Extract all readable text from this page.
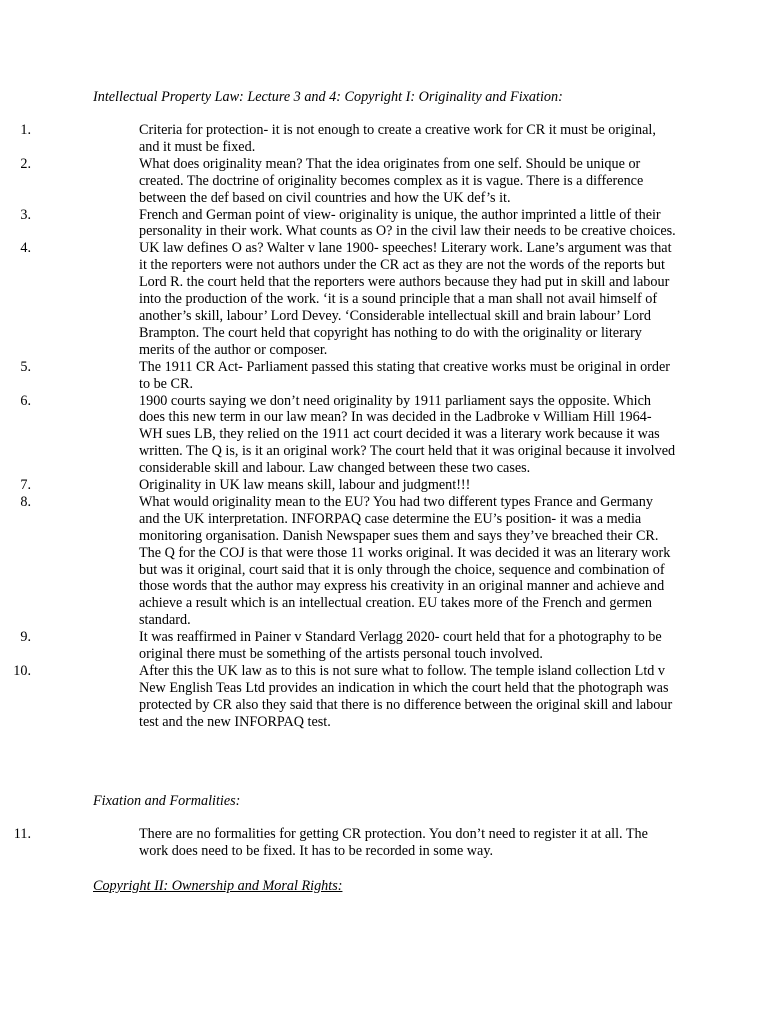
Intellectual Property Law: Lecture 3 and 4: Copyright I: Originality and Fixation:
1.	Criteria for protection- it is not enough to create a creative work for CR it must be original, and it must be fixed.
2.	What does originality mean? That the idea originates from one self. Should be unique or created. The doctrine of originality becomes complex as it is vague. There is a difference between the def based on civil countries and how the UK def’s it.
3.	French and German point of view- originality is unique, the author imprinted a little of their personality in their work. What counts as O? in the civil law their needs to be creative choices.
4.	UK law defines O as? Walter v lane 1900- speeches! Literary work. Lane’s argument was that it the reporters were not authors under the CR act as they are not the words of the reports but Lord R. the court held that the reporters were authors because they had put in skill and labour into the production of the work. ‘it is a sound principle that a man shall not avail himself of another’s skill, labour’ Lord Devey. ‘Considerable intellectual skill and brain labour’ Lord Brampton. The court held that copyright has nothing to do with the originality or literary merits of the author or composer.
5.	The 1911 CR Act- Parliament passed this stating that creative works must be original in order to be CR.
6.	1900 courts saying we don’t need originality by 1911 parliament says the opposite. Which does this new term in our law mean? In was decided in the Ladbroke v William Hill 1964- WH sues LB, they relied on the 1911 act court decided it was a literary work because it was written. The Q is, is it an original work? The court held that it was original because it involved considerable skill and labour. Law changed between these two cases.
7.	Originality in UK law means skill, labour and judgment!!!
8.	What would originality mean to the EU? You had two different types France and Germany and the UK interpretation. INFORPAQ case determine the EU’s position- it was a media monitoring organisation. Danish Newspaper sues them and says they’ve breached their CR. The Q for the COJ is that were those 11 works original. It was decided it was an literary work but was it original, court said that it is only through the choice, sequence and combination of those words that the author may express his creativity in an original manner and achieve and achieve a result which is an intellectual creation. EU takes more of the French and germen standard.
9.	It was reaffirmed in Painer v Standard Verlagg 2020- court held that for a photography to be original there must be something of the artists personal touch involved.
10.	After this the UK law as to this is not sure what to follow. The temple island collection Ltd v New English Teas Ltd provides an indication in which the court held that the photograph was protected by CR also they said that there is no difference between the original skill and labour test and the new INFORPAQ test.
Fixation and Formalities:
11.	There are no formalities for getting CR protection. You don’t need to register it at all. The work does need to be fixed. It has to be recorded in some way.
Copyright II: Ownership and Moral Rights:
